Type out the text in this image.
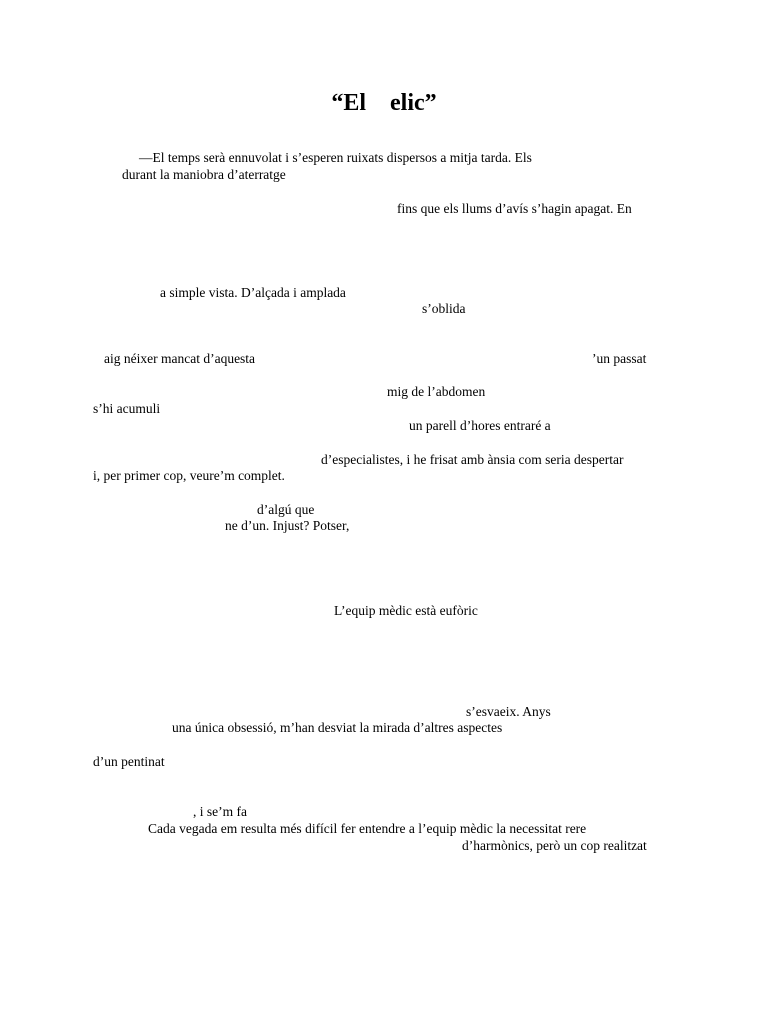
“El    elic”
—El temps serà ennuvolat i s’esperen ruixats dispersos a mitja tarda. Els
durant la maniobra d’aterratge
fins que els llums d’avís s’hagin apagat. En
a simple vista. D’alçada i amplada
s’oblida
aig néixer mancat d’aquesta	’un passat
mig de l’abdomen
s’hi acumuli
un parell d’hores entraré a
d’especialistes, i he frisat amb ànsia com seria despertar
i, per primer cop, veure’m complet.
d’algú que
ne d’un. Injust? Potser,
L’equip mèdic està eufòric
s’esvaeix. Anys
una única obsessió, m’han desviat la mirada d’altres aspectes
d’un pentinat
, i se’m fa
Cada vegada em resulta més difícil fer entendre a l’equip mèdic la necessitat rere
d’harmònics, però un cop realitzat
